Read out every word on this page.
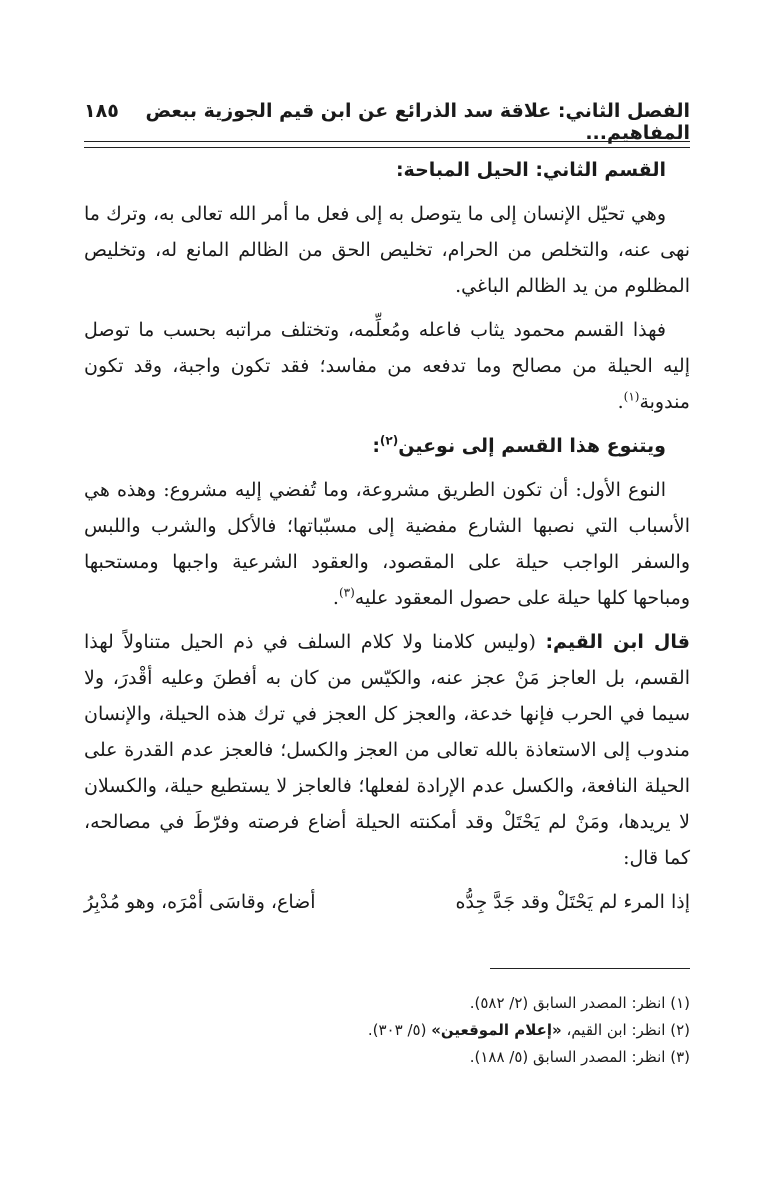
الفصل الثاني: علاقة سد الذرائع عن ابن قيم الجوزية ببعض المفاهيم...
١٨٥
القسم الثاني: الحيل المباحة:

وهي تحيّل الإنسان إلى ما يتوصل به إلى فعل ما أمر الله تعالى به، وترك ما نهى عنه، والتخلص من الحرام، تخليص الحق من الظالم المانع له، وتخليص المظلوم من يد الظالم الباغي.

فهذا القسم محمود يثاب فاعله ومُعلِّمه، وتختلف مراتبه بحسب ما توصل إليه الحيلة من مصالح وما تدفعه من مفاسد؛ فقد تكون واجبة، وقد تكون مندوبة$^{(١)}$.

ويتنوع هذا القسم إلى نوعين$^{(٢)}$:

النوع الأول: أن تكون الطريق مشروعة، وما تُفضي إليه مشروع: وهذه هي الأسباب التي نصبها الشارع مفضية إلى مسبّباتها؛ فالأكل والشرب واللبس والسفر الواجب حيلة على المقصود، والعقود الشرعية واجبها ومستحبها ومباحها كلها حيلة على حصول المعقود عليه$^{(٣)}$.

قال ابن القيم: (وليس كلامنا ولا كلام السلف في ذم الحيل متناولاً لهذا القسم، بل العاجز مَنْ عجز عنه، والكيّس من كان به أفطنَ وعليه أقْدرَ، ولا سيما في الحرب فإنها خدعة، والعجز كل العجز في ترك هذه الحيلة، والإنسان مندوب إلى الاستعاذة بالله تعالى من العجز والكسل؛ فالعجز عدم القدرة على الحيلة النافعة، والكسل عدم الإرادة لفعلها؛ فالعاجز لا يستطيع حيلة، والكسلان لا يريدها، ومَنْ لم يَحْتَلْ وقد أمكنته الحيلة أضاع فرصته وفرّطَ في مصالحه، كما قال:

إذا المرء لم يَحْتَلْ وقد جَدَّ جِدُّه
أضاع، وقاسَى أمْرَه، وهو مُدْبِرُ
(١) انظر: المصدر السابق (٢/ ٥٨٢).
(٢) انظر: ابن القيم، «إعلام الموقعين» (٥/ ٣٠٣).
(٣) انظر: المصدر السابق (٥/ ١٨٨).
